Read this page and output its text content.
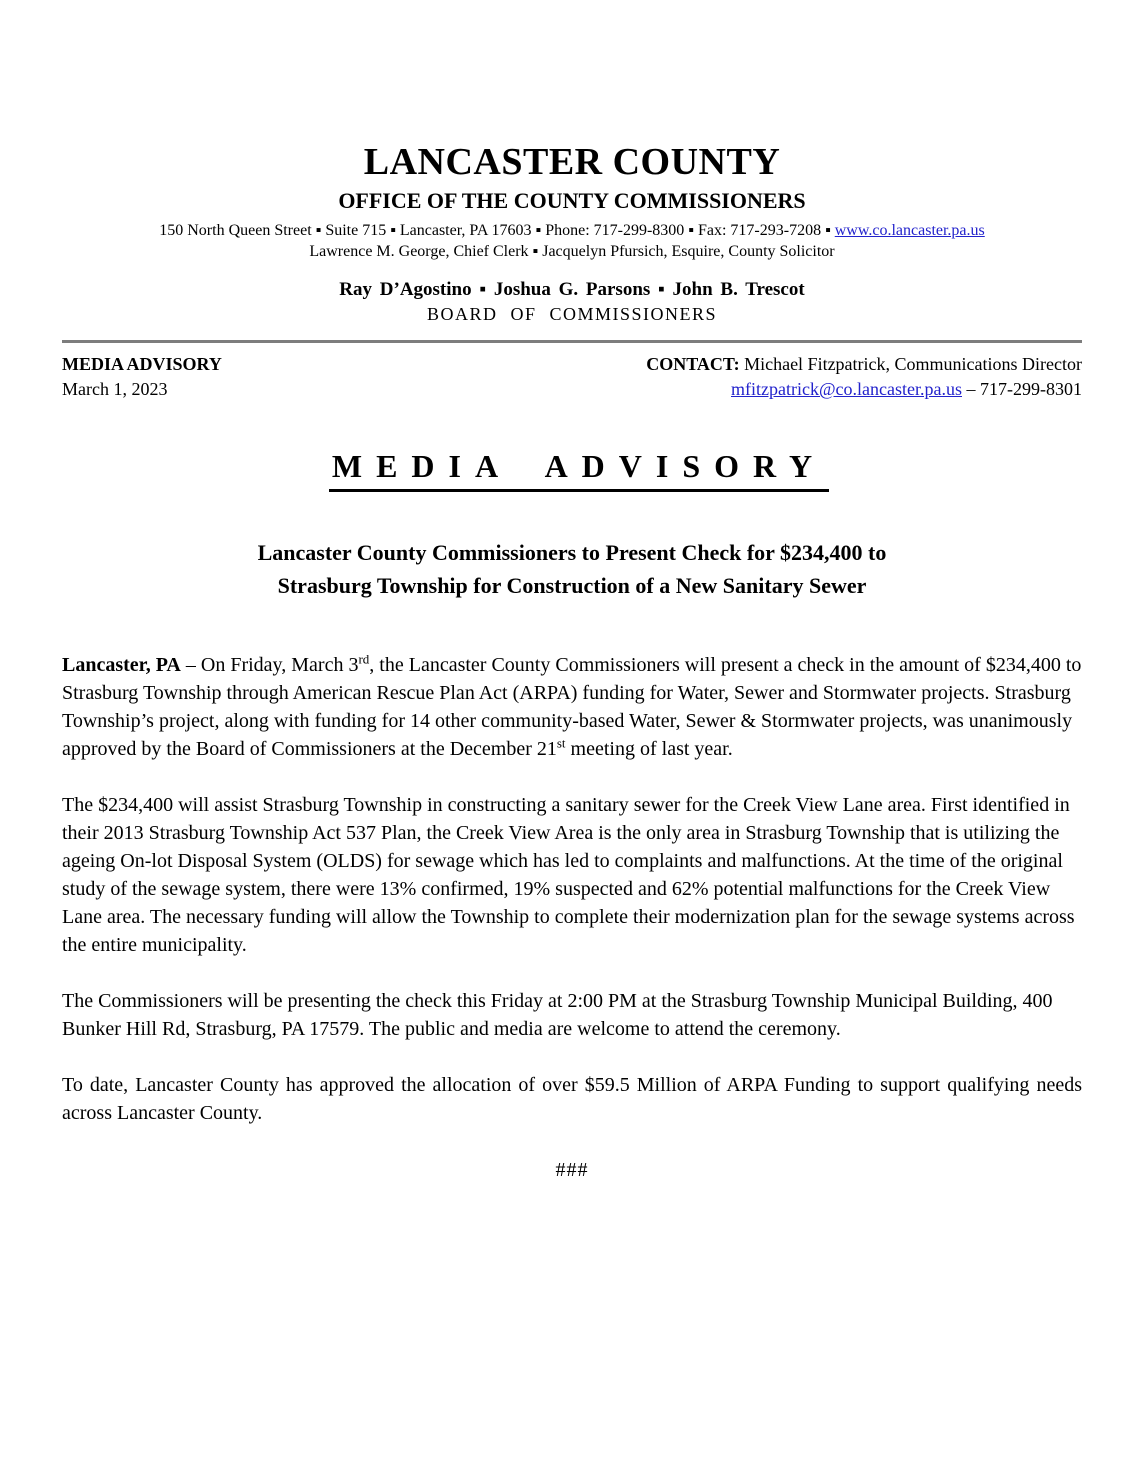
LANCASTER COUNTY
OFFICE OF THE COUNTY COMMISSIONERS

150 North Queen Street ▪ Suite 715 ▪ Lancaster, PA 17603 ▪ Phone: 717-299-8300 ▪ Fax: 717-293-7208 ▪ www.co.lancaster.pa.us

Lawrence M. George, Chief Clerk ▪ Jacquelyn Pfursich, Esquire, County Solicitor

Ray D’Agostino ▪ Joshua G. Parsons ▪ John B. Trescot

BOARD OF COMMISSIONERS

MEDIA ADVISORY

March 1, 2023

CONTACT: Michael Fitzpatrick, Communications Director

mfitzpatrick@co.lancaster.pa.us – 717-299-8301

MEDIA ADVISORY
Lancaster County Commissioners to Present Check for $234,400 to
Strasburg Township for Construction of a New Sanitary Sewer

Lancaster, PA – On Friday, March 3rd, the Lancaster County Commissioners will present a check in the amount of $234,400 to Strasburg Township through American Rescue Plan Act (ARPA) funding for Water, Sewer and Stormwater projects. Strasburg Township’s project, along with funding for 14 other community-based Water, Sewer & Stormwater projects, was unanimously approved by the Board of Commissioners at the December 21st meeting of last year.

The $234,400 will assist Strasburg Township in constructing a sanitary sewer for the Creek View Lane area. First identified in their 2013 Strasburg Township Act 537 Plan, the Creek View Area is the only area in Strasburg Township that is utilizing the ageing On-lot Disposal System (OLDS) for sewage which has led to complaints and malfunctions. At the time of the original study of the sewage system, there were 13% confirmed, 19% suspected and 62% potential malfunctions for the Creek View Lane area. The necessary funding will allow the Township to complete their modernization plan for the sewage systems across the entire municipality.

The Commissioners will be presenting the check this Friday at 2:00 PM at the Strasburg Township Municipal Building, 400 Bunker Hill Rd, Strasburg, PA 17579. The public and media are welcome to attend the ceremony.

To date, Lancaster County has approved the allocation of over $59.5 Million of ARPA Funding to support qualifying needs across Lancaster County.

###
